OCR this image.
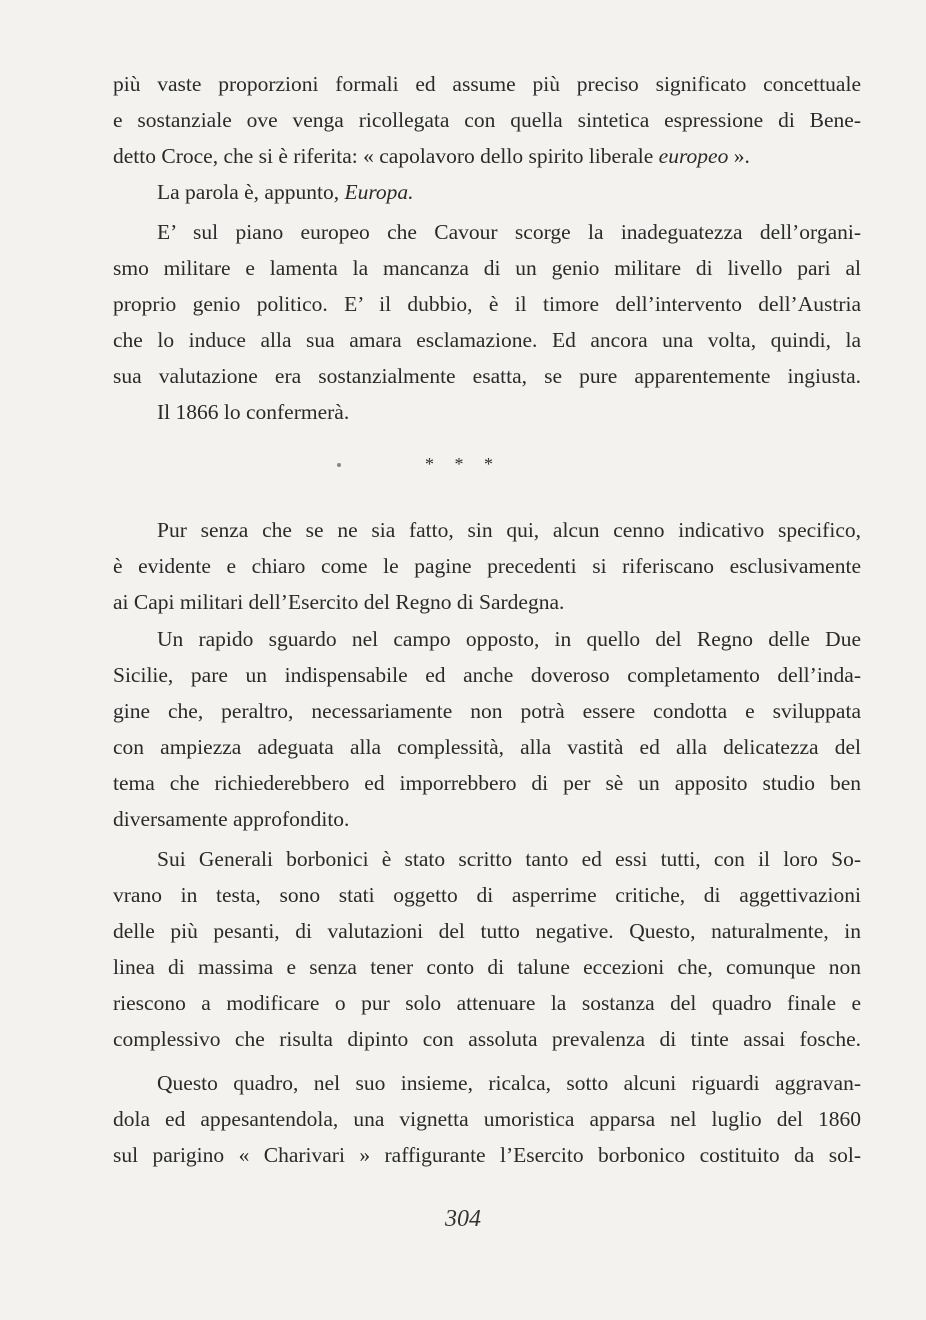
più vaste proporzioni formali ed assume più preciso significato concettuale
e sostanziale ove venga ricollegata con quella sintetica espressione di Bene-
detto Croce, che si è riferita: « capolavoro dello spirito liberale europeo ».
La parola è, appunto, Europa.
E’ sul piano europeo che Cavour scorge la inadeguatezza dell’organi-
smo militare e lamenta la mancanza di un genio militare di livello pari al
proprio genio politico. E’ il dubbio, è il timore dell’intervento dell’Austria
che lo induce alla sua amara esclamazione. Ed ancora una volta, quindi, la
sua valutazione era sostanzialmente esatta, se pure apparentemente ingiusta.
Il 1866 lo confermerà.
* * *
Pur senza che se ne sia fatto, sin qui, alcun cenno indicativo specifico,
è evidente e chiaro come le pagine precedenti si riferiscano esclusivamente
ai Capi militari dell’Esercito del Regno di Sardegna.
Un rapido sguardo nel campo opposto, in quello del Regno delle Due
Sicilie, pare un indispensabile ed anche doveroso completamento dell’inda-
gine che, peraltro, necessariamente non potrà essere condotta e sviluppata
con ampiezza adeguata alla complessità, alla vastità ed alla delicatezza del
tema che richiederebbero ed imporrebbero di per sè un apposito studio ben
diversamente approfondito.
Sui Generali borbonici è stato scritto tanto ed essi tutti, con il loro So-
vrano in testa, sono stati oggetto di asperrime critiche, di aggettivazioni
delle più pesanti, di valutazioni del tutto negative. Questo, naturalmente, in
linea di massima e senza tener conto di talune eccezioni che, comunque non
riescono a modificare o pur solo attenuare la sostanza del quadro finale e
complessivo che risulta dipinto con assoluta prevalenza di tinte assai fosche.
Questo quadro, nel suo insieme, ricalca, sotto alcuni riguardi aggravan-
dola ed appesantendola, una vignetta umoristica apparsa nel luglio del 1860
sul parigino « Charivari » raffigurante l’Esercito borbonico costituito da sol-
304
